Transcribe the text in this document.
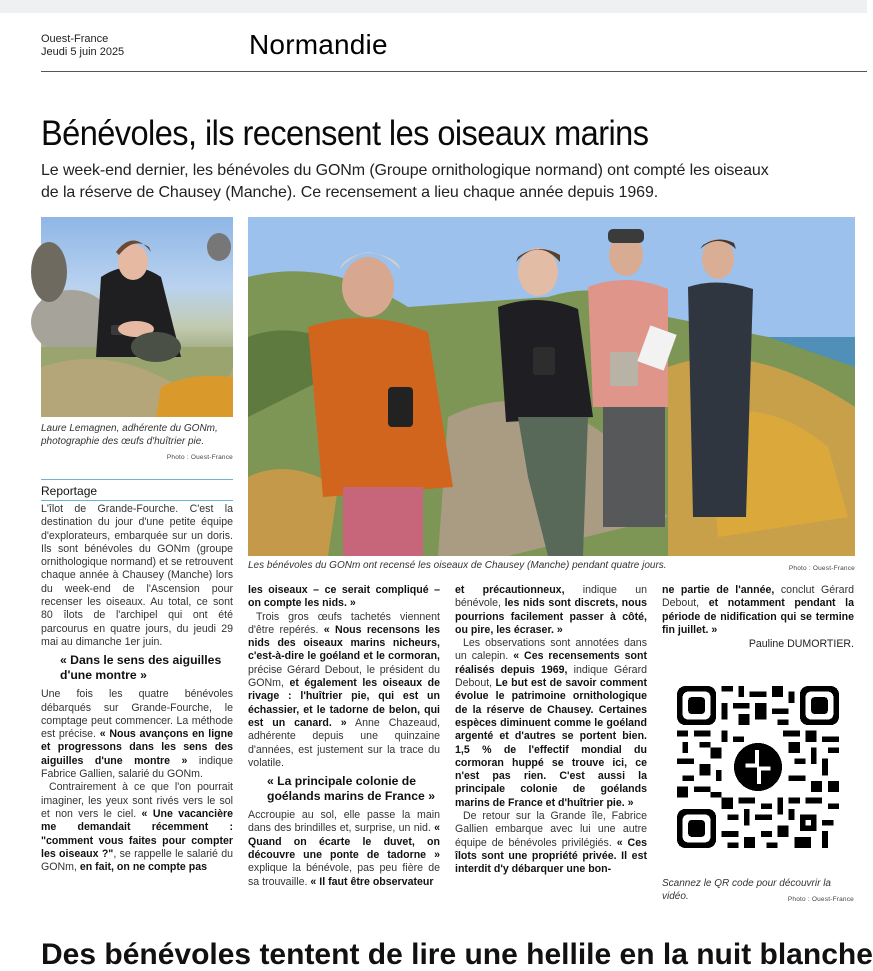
Ouest-France
Jeudi 5 juin 2025	Normandie
Bénévoles, ils recensent les oiseaux marins

Le week-end dernier, les bénévoles du GONm (Groupe ornithologique normand) ont compté les oiseaux de la réserve de Chausey (Manche). Ce recensement a lieu chaque année depuis 1969.

Laure Lemagnen, adhérente du GONm, photographie des œufs d'huîtrier pie.
Photo : Ouest-France
Les bénévoles du GONm ont recensé les oiseaux de Chausey (Manche) pendant quatre jours.	Photo : Ouest-France
Reportage

L'îlot de Grande-Fourche. C'est la destination du jour d'une petite équipe d'explorateurs, embarquée sur un doris. Ils sont bénévoles du GONm (groupe ornithologique normand) et se retrouvent chaque année à Chausey (Manche) lors du week-end de l'Ascension pour recenser les oiseaux. Au total, ce sont 80 îlots de l'archipel qui ont été parcourus en quatre jours, du jeudi 29 mai au dimanche 1er juin.

« Dans le sens des aiguilles d'une montre »

Une fois les quatre bénévoles débarqués sur Grande-Fourche, le comptage peut commencer. La méthode est précise. « Nous avançons en ligne et progressons dans les sens des aiguilles d'une montre » indique Fabrice Gallien, salarié du GONm.

Contrairement à ce que l'on pourrait imaginer, les yeux sont rivés vers le sol et non vers le ciel. « Une vacancière me demandait récemment : "comment vous faites pour compter les oiseaux ?", se rappelle le salarié du GONm, en fait, on ne compte pas

les oiseaux – ce serait compliqué – on compte les nids. »

Trois gros œufs tachetés viennent d'être repérés. « Nous recensons les nids des oiseaux marins nicheurs, c'est-à-dire le goéland et le cormoran, précise Gérard Debout, le président du GONm, et également les oiseaux de rivage : l'huîtrier pie, qui est un échassier, et le tadorne de belon, qui est un canard. » Anne Chazeaud, adhérente depuis une quinzaine d'années, est justement sur la trace du volatile.

« La principale colonie de goélands marins de France »

Accroupie au sol, elle passe la main dans des brindilles et, surprise, un nid. « Quand on écarte le duvet, on découvre une ponte de tadorne » explique la bénévole, pas peu fière de sa trouvaille. « Il faut être observateur

et précautionneux, indique un bénévole, les nids sont discrets, nous pourrions facilement passer à côté, ou pire, les écraser. »

Les observations sont annotées dans un calepin. « Ces recensements sont réalisés depuis 1969, indique Gérard Debout, Le but est de savoir comment évolue le patrimoine ornithologique de la réserve de Chausey. Certaines espèces diminuent comme le goéland argenté et d'autres se portent bien. 1,5 % de l'effectif mondial du cormoran huppé se trouve ici, ce n'est pas rien. C'est aussi la principale colonie de goélands marins de France et d'huîtrier pie. »

De retour sur la Grande île, Fabrice Gallien embarque avec lui une autre équipe de bénévoles privilégiés. « Ces îlots sont une propriété privée. Il est interdit d'y débarquer une bon-

ne partie de l'année, conclut Gérard Debout, et notamment pendant la période de nidification qui se termine fin juillet. »

Pauline DUMORTIER.
Scannez le QR code pour découvrir la vidéo.	Photo : Ouest-France
Des bénévoles tentent de lire une hellile en la nuit blanche
